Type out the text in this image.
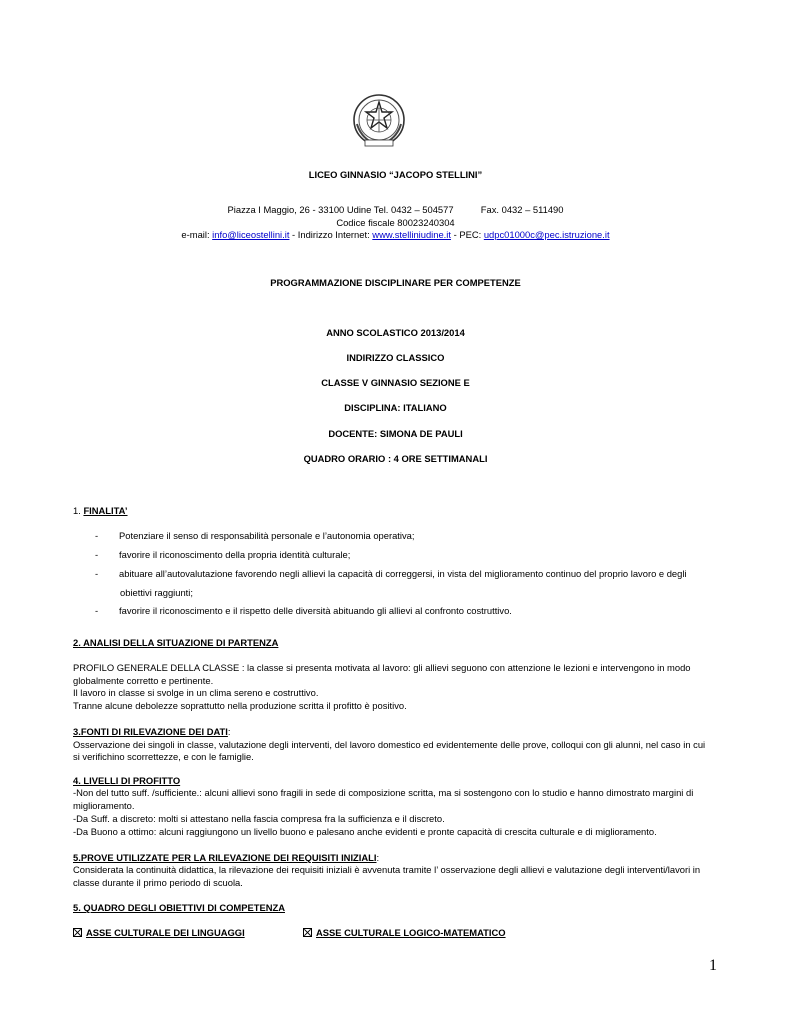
LICEO GINNASIO “JACOPO STELLINI”
Piazza I Maggio, 26 - 33100 Udine Tel. 0432 – 504577	Fax. 0432 – 511490
Codice fiscale 80023240304
e-mail: info@liceostellini.it - Indirizzo Internet: www.stelliniudine.it - PEC: udpc01000c@pec.istruzione.it
PROGRAMMAZIONE DISCIPLINARE PER COMPETENZE
ANNO SCOLASTICO 2013/2014
INDIRIZZO CLASSICO
CLASSE V GINNASIO SEZIONE E
DISCIPLINA: ITALIANO
DOCENTE: SIMONA DE PAULI
QUADRO ORARIO : 4 ORE SETTIMANALI
1. FINALITA’
- Potenziare il senso di responsabilità personale e l’autonomia operativa;
- favorire il riconoscimento della propria identità culturale;
- abituare all’autovalutazione favorendo negli allievi la capacità di correggersi, in vista del miglioramento continuo del proprio lavoro e degli
obiettivi raggiunti;
- favorire il riconoscimento e il rispetto delle diversità abituando gli allievi al confronto costruttivo.
2. ANALISI DELLA SITUAZIONE DI PARTENZA
PROFILO GENERALE DELLA CLASSE : la classe si presenta motivata al lavoro: gli allievi seguono con attenzione le lezioni e intervengono in modo
globalmente corretto e pertinente.
Il lavoro in classe si svolge in un clima sereno e costruttivo.
Tranne alcune debolezze soprattutto nella produzione scritta il profitto è positivo.
3.FONTI DI RILEVAZIONE DEI DATI:
Osservazione dei singoli in classe, valutazione degli interventi, del lavoro domestico ed evidentemente delle prove, colloqui con gli alunni, nel caso in cui
si verifichino scorrettezze, e con le famiglie.
4. LIVELLI DI PROFITTO
-Non del tutto suff. /sufficiente.: alcuni allievi sono fragili in sede di composizione scritta, ma si sostengono con lo studio e hanno dimostrato margini di
miglioramento.
-Da Suff. a discreto: molti si attestano nella fascia compresa fra la sufficienza e il discreto.
-Da Buono a ottimo: alcuni raggiungono un livello buono e palesano anche evidenti e pronte capacità di crescita culturale e di miglioramento.
5.PROVE UTILIZZATE PER LA RILEVAZIONE DEI REQUISITI INIZIALI:
Considerata la continuità didattica, la rilevazione dei requisiti iniziali è avvenuta tramite l’ osservazione degli allievi e valutazione degli interventi/lavori in
classe durante il primo periodo di scuola.
5. QUADRO DEGLI OBIETTIVI DI COMPETENZA
ASSE CULTURALE DEI LINGUAGGI	ASSE CULTURALE LOGICO-MATEMATICO
1
